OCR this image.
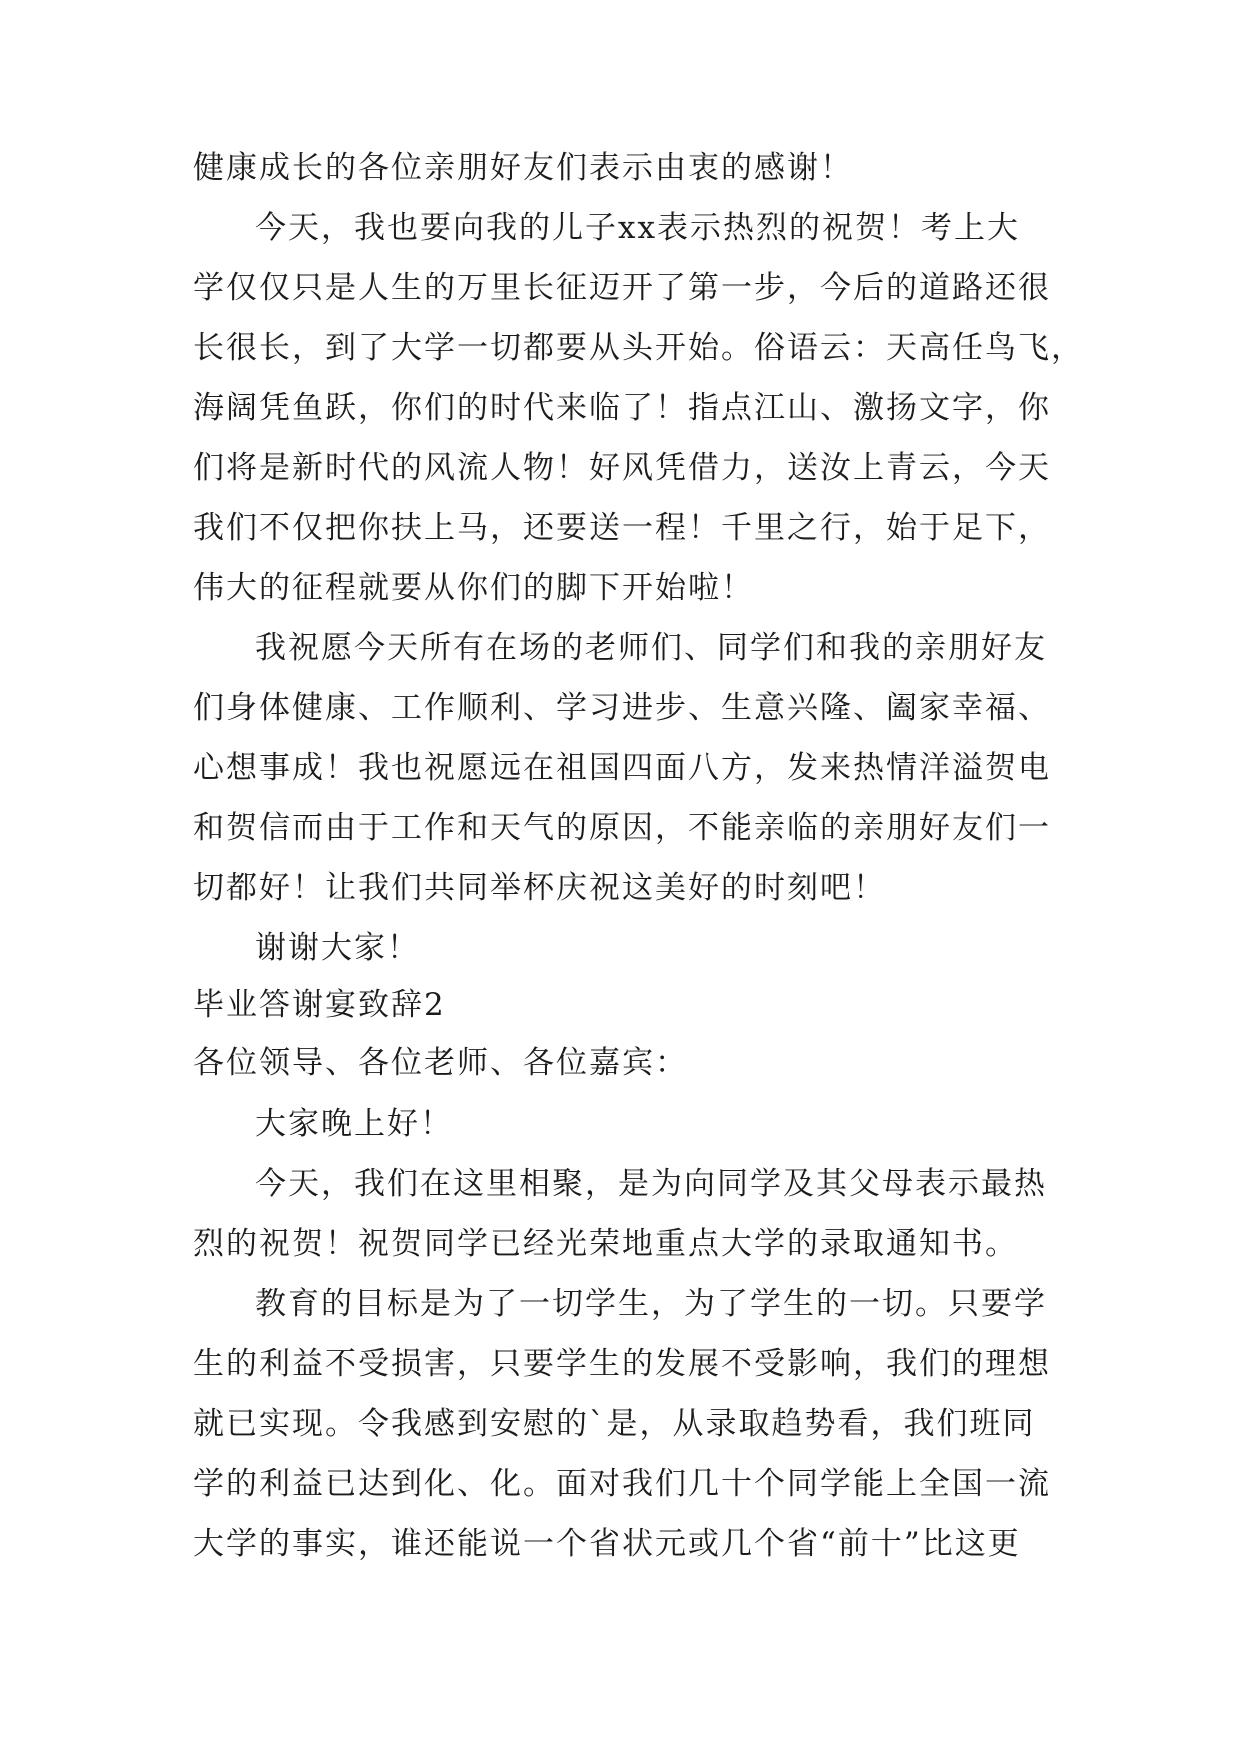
健康成长的各位亲朋好友们表示由衷的感谢！
今天，我也要向我的儿子xx表示热烈的祝贺！考上大
学仅仅只是人生的万里长征迈开了第一步，今后的道路还很
长很长，到了大学一切都要从头开始。俗语云：天高任鸟飞，
海阔凭鱼跃，你们的时代来临了！指点江山、激扬文字，你
们将是新时代的风流人物！好风凭借力，送汝上青云，今天
我们不仅把你扶上马，还要送一程！千里之行，始于足下，
伟大的征程就要从你们的脚下开始啦！
我祝愿今天所有在场的老师们、同学们和我的亲朋好友
们身体健康、工作顺利、学习进步、生意兴隆、阖家幸福、
心想事成！我也祝愿远在祖国四面八方，发来热情洋溢贺电
和贺信而由于工作和天气的原因，不能亲临的亲朋好友们一
切都好！让我们共同举杯庆祝这美好的时刻吧！
谢谢大家！
毕业答谢宴致辞2
各位领导、各位老师、各位嘉宾：
大家晚上好！
今天，我们在这里相聚，是为向同学及其父母表示最热
烈的祝贺！祝贺同学已经光荣地重点大学的录取通知书。
教育的目标是为了一切学生，为了学生的一切。只要学
生的利益不受损害，只要学生的发展不受影响，我们的理想
就已实现。令我感到安慰的`是，从录取趋势看，我们班同
学的利益已达到化、化。面对我们几十个同学能上全国一流
大学的事实，谁还能说一个省状元或几个省“前十”比这更
